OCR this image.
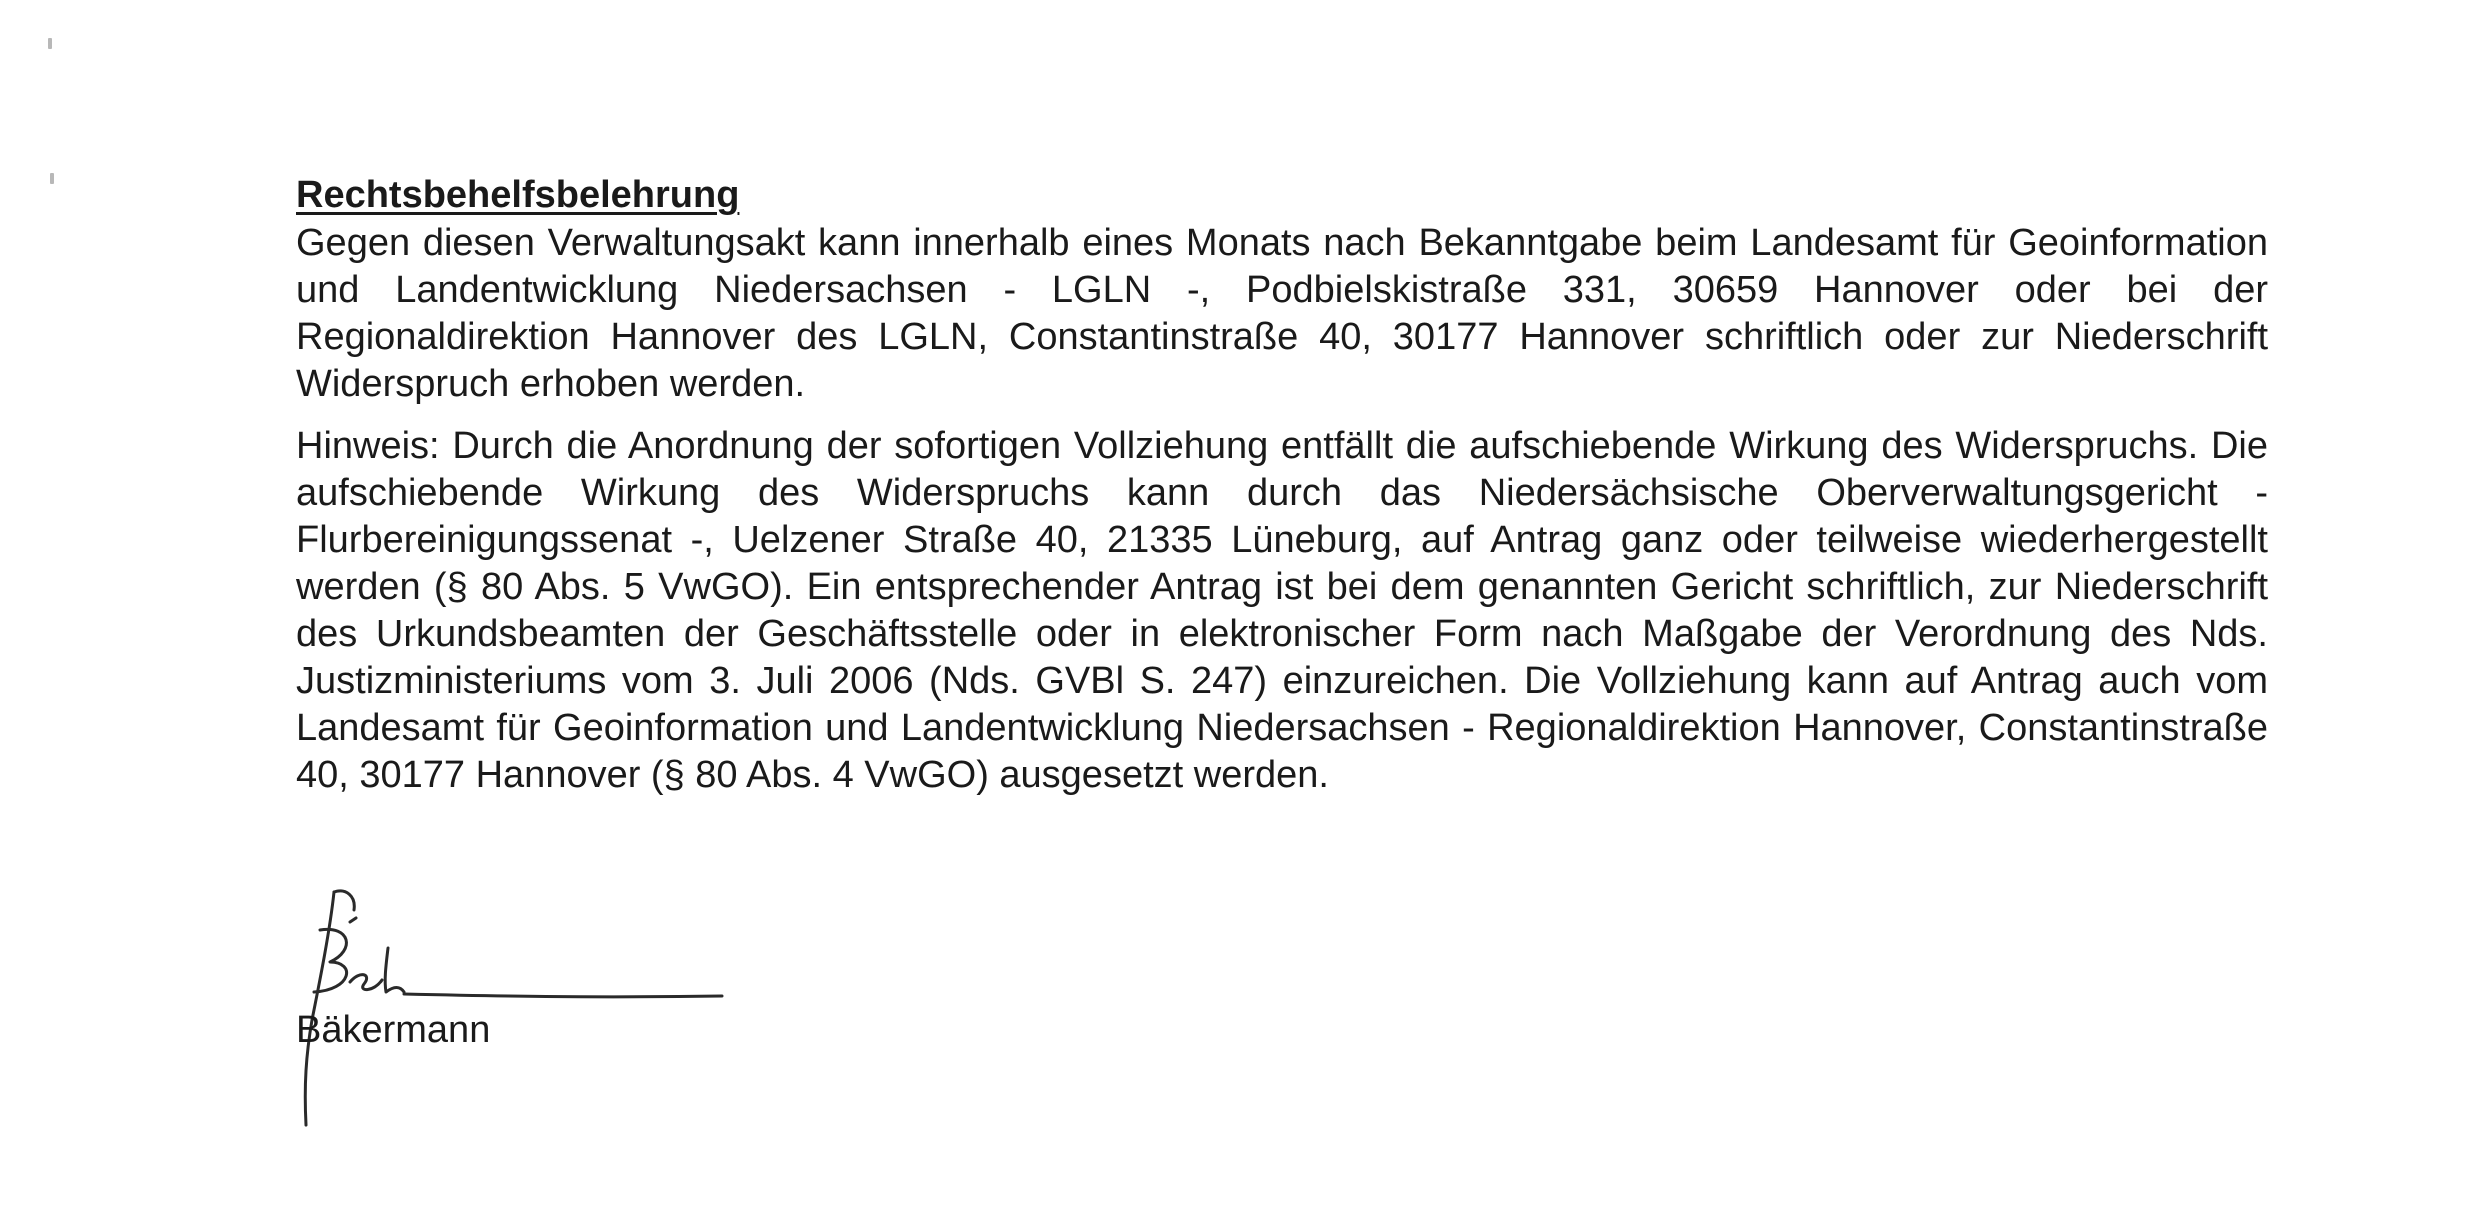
Rechtsbehelfsbelehrung

Gegen diesen Verwaltungsakt kann innerhalb eines Monats nach Bekanntgabe beim Landesamt für Geoinformation und Landentwicklung Niedersachsen - LGLN -, Podbielskistraße 331, 30659 Hannover oder bei der Regionaldirektion Hannover des LGLN, Constantinstraße 40, 30177 Hannover schriftlich oder zur Niederschrift Widerspruch erhoben werden.

Hinweis: Durch die Anordnung der sofortigen Vollziehung entfällt die aufschiebende Wirkung des Widerspruchs. Die aufschiebende Wirkung des Widerspruchs kann durch das Niedersächsische Oberverwaltungsgericht - Flurbereinigungssenat -, Uelzener Straße 40, 21335 Lüneburg, auf Antrag ganz oder teilweise wiederhergestellt werden (§ 80 Abs. 5 VwGO). Ein entsprechender Antrag ist bei dem genannten Gericht schriftlich, zur Niederschrift des Urkundsbeamten der Geschäftsstelle oder in elektronischer Form nach Maßgabe der Verordnung des Nds. Justizministeriums vom 3. Juli 2006 (Nds. GVBl S. 247) einzureichen. Die Vollziehung kann auf Antrag auch vom Landesamt für Geoinformation und Landentwicklung Niedersachsen - Regionaldirektion Hannover, Constantinstraße 40, 30177 Hannover (§ 80 Abs. 4 VwGO) ausgesetzt werden.

Bäkermann
